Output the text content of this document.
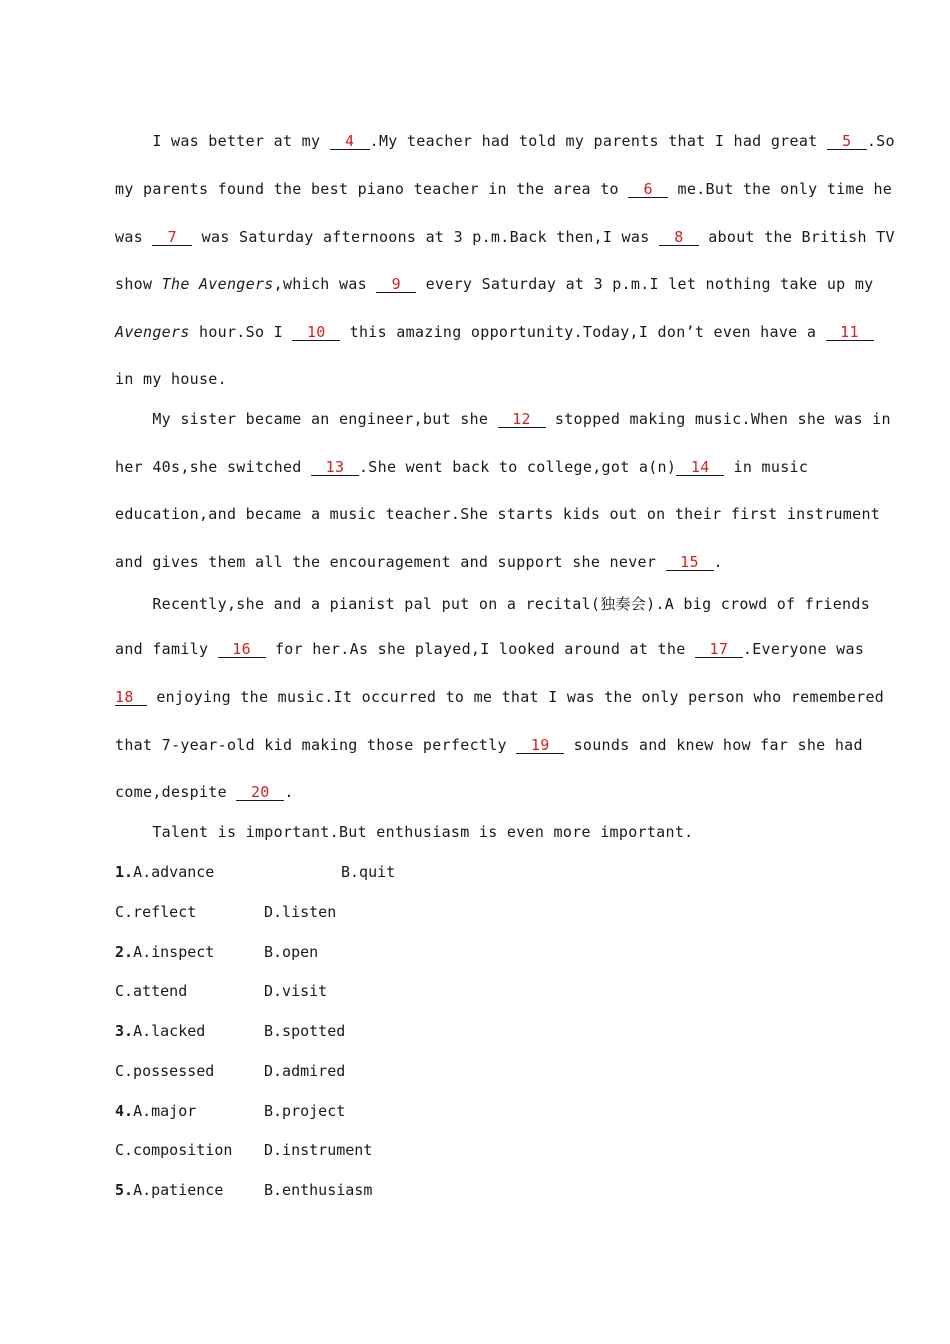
I was better at my 4 .My teacher had told my parents that I had great 5 .So
my parents found the best piano teacher in the area to 6 me.But the only time he
was 7 was Saturday afternoons at 3 p.m.Back then,I was 8 about the British TV
show The Avengers,which was 9 every Saturday at 3 p.m.I let nothing take up my
Avengers hour.So I 10 this amazing opportunity.Today,I don’t even have a 11
in my house.
My sister became an engineer,but she 12 stopped making music.When she was in
her 40s,she switched 13 .She went back to college,got a(n) 14 in music
education,and became a music teacher.She starts kids out on their first instrument
and gives them all the encouragement and support she never 15 .
Recently,she and a pianist pal put on a recital(独奏会).A big crowd of friends
and family 16 for her.As she played,I looked around at the 17 .Everyone was
18 enjoying the music.It occurred to me that I was the only person who remembered
that 7-year-old kid making those perfectly 19 sounds and knew how far she had
come,despite 20 .
Talent is important.But enthusiasm is even more important.
1.A.advance	B.quit
C.reflect	D.listen
2.A.inspect	B.open
C.attend	D.visit
3.A.lacked	B.spotted
C.possessed	D.admired
4.A.major	B.project
C.composition D.instrument
5.A.patience	B.enthusiasm
